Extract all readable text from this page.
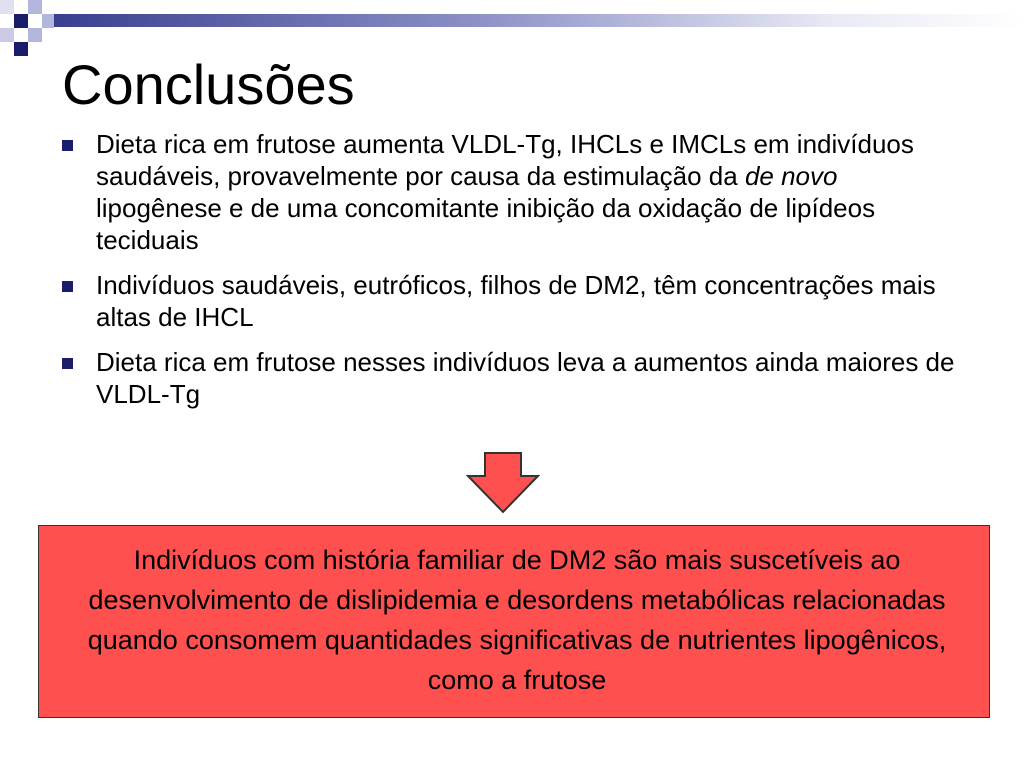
Conclusões
Dieta rica em frutose aumenta VLDL-Tg, IHCLs e IMCLs em indivíduos saudáveis, provavelmente por causa da estimulação da de novo lipogênese e de uma concomitante inibição da oxidação de lipídeos teciduais
Indivíduos saudáveis, eutróficos, filhos de DM2, têm concentrações mais altas de IHCL
Dieta rica em frutose nesses indivíduos leva a aumentos ainda maiores de VLDL-Tg

Indivíduos com história familiar de DM2 são mais suscetíveis ao desenvolvimento de dislipidemia e desordens metabólicas relacionadas quando consomem quantidades significativas de nutrientes lipogênicos, como a frutose
